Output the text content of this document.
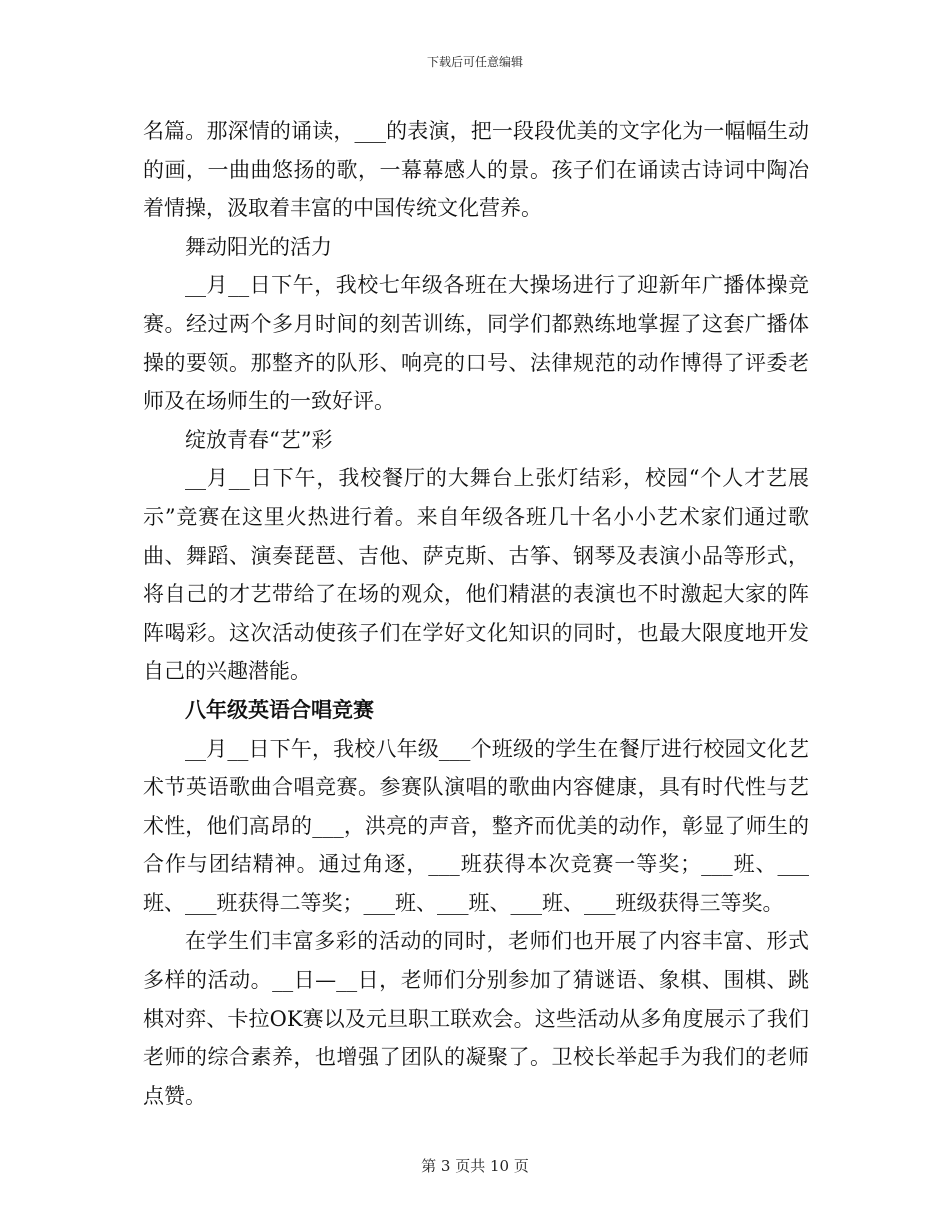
下载后可任意编辑

名篇。那深情的诵读，___的表演，把一段段优美的文字化为一幅幅生动的画，一曲曲悠扬的歌，一幕幕感人的景。孩子们在诵读古诗词中陶冶着情操，汲取着丰富的中国传统文化营养。

舞动阳光的活力

__月__日下午，我校七年级各班在大操场进行了迎新年广播体操竞赛。经过两个多月时间的刻苦训练，同学们都熟练地掌握了这套广播体操的要领。那整齐的队形、响亮的口号、法律规范的动作博得了评委老师及在场师生的一致好评。

绽放青春“艺”彩

__月__日下午，我校餐厅的大舞台上张灯结彩，校园“个人才艺展示”竞赛在这里火热进行着。来自年级各班几十名小小艺术家们通过歌曲、舞蹈、演奏琵琶、吉他、萨克斯、古筝、钢琴及表演小品等形式，将自己的才艺带给了在场的观众，他们精湛的表演也不时激起大家的阵阵喝彩。这次活动使孩子们在学好文化知识的同时，也最大限度地开发自己的兴趣潜能。

八年级英语合唱竞赛

__月__日下午，我校八年级___个班级的学生在餐厅进行校园文化艺术节英语歌曲合唱竞赛。参赛队演唱的歌曲内容健康，具有时代性与艺术性，他们高昂的___，洪亮的声音，整齐而优美的动作，彰显了师生的合作与团结精神。通过角逐，___班获得本次竞赛一等奖；___班、___班、___班获得二等奖；___班、___班、___班、___班级获得三等奖。

在学生们丰富多彩的活动的同时，老师们也开展了内容丰富、形式多样的活动。__日—__日，老师们分别参加了猜谜语、象棋、围棋、跳棋对弈、卡拉OK赛以及元旦职工联欢会。这些活动从多角度展示了我们老师的综合素养，也增强了团队的凝聚了。卫校长举起手为我们的老师点赞。

第 3 页共 10 页
